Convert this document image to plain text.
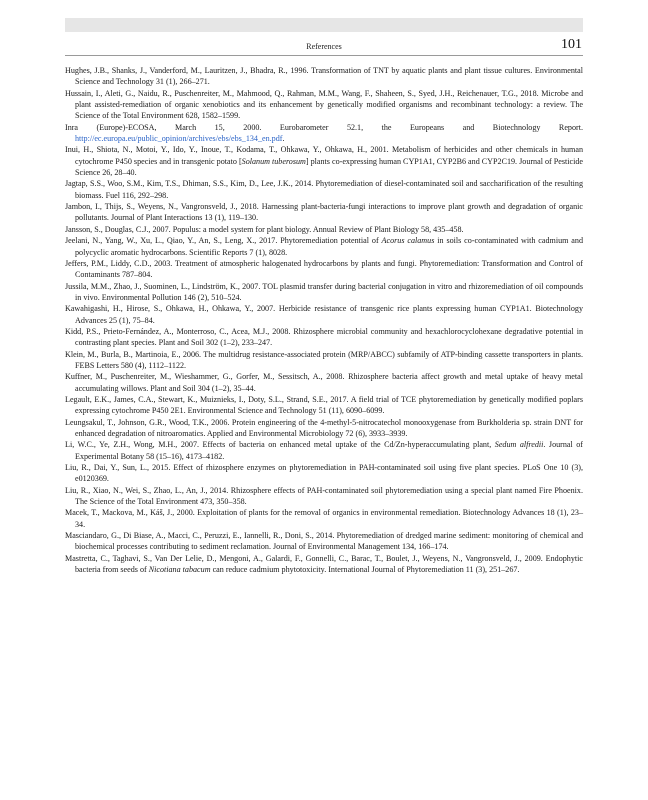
References	101
Hughes, J.B., Shanks, J., Vanderford, M., Lauritzen, J., Bhadra, R., 1996. Transformation of TNT by aquatic plants and plant tissue cultures. Environmental Science and Technology 31 (1), 266–271.
Hussain, I., Aleti, G., Naidu, R., Puschenreiter, M., Mahmood, Q., Rahman, M.M., Wang, F., Shaheen, S., Syed, J.H., Reichenauer, T.G., 2018. Microbe and plant assisted-remediation of organic xenobiotics and its enhancement by genetically modified organisms and recombinant technology: a review. The Science of the Total Environment 628, 1582–1599.
Inra (Europe)-ECOSA, March 15, 2000. Eurobarometer 52.1, the Europeans and Biotechnology Report. http://ec.europa.eu/public_opinion/archives/ebs/ebs_134_en.pdf.
Inui, H., Shiota, N., Motoi, Y., Ido, Y., Inoue, T., Kodama, T., Ohkawa, Y., Ohkawa, H., 2001. Metabolism of herbicides and other chemicals in human cytochrome P450 species and in transgenic potato [Solanum tuberosum] plants co-expressing human CYP1A1, CYP2B6 and CYP2C19. Journal of Pesticide Science 26, 28–40.
Jagtap, S.S., Woo, S.M., Kim, T.S., Dhiman, S.S., Kim, D., Lee, J.K., 2014. Phytoremediation of diesel-contaminated soil and saccharification of the resulting biomass. Fuel 116, 292–298.
Jambon, I., Thijs, S., Weyens, N., Vangronsveld, J., 2018. Harnessing plant-bacteria-fungi interactions to improve plant growth and degradation of organic pollutants. Journal of Plant Interactions 13 (1), 119–130.
Jansson, S., Douglas, C.J., 2007. Populus: a model system for plant biology. Annual Review of Plant Biology 58, 435–458.
Jeelani, N., Yang, W., Xu, L., Qiao, Y., An, S., Leng, X., 2017. Phytoremediation potential of Acorus calamus in soils co-contaminated with cadmium and polycyclic aromatic hydrocarbons. Scientific Reports 7 (1), 8028.
Jeffers, P.M., Liddy, C.D., 2003. Treatment of atmospheric halogenated hydrocarbons by plants and fungi. Phytoremediation: Transformation and Control of Contaminants 787–804.
Jussila, M.M., Zhao, J., Suominen, L., Lindström, K., 2007. TOL plasmid transfer during bacterial conjugation in vitro and rhizoremediation of oil compounds in vivo. Environmental Pollution 146 (2), 510–524.
Kawahigashi, H., Hirose, S., Ohkawa, H., Ohkawa, Y., 2007. Herbicide resistance of transgenic rice plants expressing human CYP1A1. Biotechnology Advances 25 (1), 75–84.
Kidd, P.S., Prieto-Fernández, A., Monterroso, C., Acea, M.J., 2008. Rhizosphere microbial community and hexachlorocyclohexane degradative potential in contrasting plant species. Plant and Soil 302 (1–2), 233–247.
Klein, M., Burla, B., Martinoia, E., 2006. The multidrug resistance-associated protein (MRP/ABCC) subfamily of ATP-binding cassette transporters in plants. FEBS Letters 580 (4), 1112–1122.
Kuffner, M., Puschenreiter, M., Wieshammer, G., Gorfer, M., Sessitsch, A., 2008. Rhizosphere bacteria affect growth and metal uptake of heavy metal accumulating willows. Plant and Soil 304 (1–2), 35–44.
Legault, E.K., James, C.A., Stewart, K., Muiznieks, I., Doty, S.L., Strand, S.E., 2017. A field trial of TCE phytoremediation by genetically modified poplars expressing cytochrome P450 2E1. Environmental Science and Technology 51 (11), 6090–6099.
Leungsakul, T., Johnson, G.R., Wood, T.K., 2006. Protein engineering of the 4-methyl-5-nitrocatechol monooxygenase from Burkholderia sp. strain DNT for enhanced degradation of nitroaromatics. Applied and Environmental Microbiology 72 (6), 3933–3939.
Li, W.C., Ye, Z.H., Wong, M.H., 2007. Effects of bacteria on enhanced metal uptake of the Cd/Zn-hyperaccumulating plant, Sedum alfredii. Journal of Experimental Botany 58 (15–16), 4173–4182.
Liu, R., Dai, Y., Sun, L., 2015. Effect of rhizosphere enzymes on phytoremediation in PAH-contaminated soil using five plant species. PLoS One 10 (3), e0120369.
Liu, R., Xiao, N., Wei, S., Zhao, L., An, J., 2014. Rhizosphere effects of PAH-contaminated soil phytoremediation using a special plant named Fire Phoenix. The Science of the Total Environment 473, 350–358.
Macek, T., Mackova, M., Káš, J., 2000. Exploitation of plants for the removal of organics in environmental remediation. Biotechnology Advances 18 (1), 23–34.
Masciandaro, G., Di Biase, A., Macci, C., Peruzzi, E., Iannelli, R., Doni, S., 2014. Phytoremediation of dredged marine sediment: monitoring of chemical and biochemical processes contributing to sediment reclamation. Journal of Environmental Management 134, 166–174.
Mastretta, C., Taghavi, S., Van Der Lelie, D., Mengoni, A., Galardi, F., Gonnelli, C., Barac, T., Boulet, J., Weyens, N., Vangronsveld, J., 2009. Endophytic bacteria from seeds of Nicotiana tabacum can reduce cadmium phytotoxicity. International Journal of Phytoremediation 11 (3), 251–267.
